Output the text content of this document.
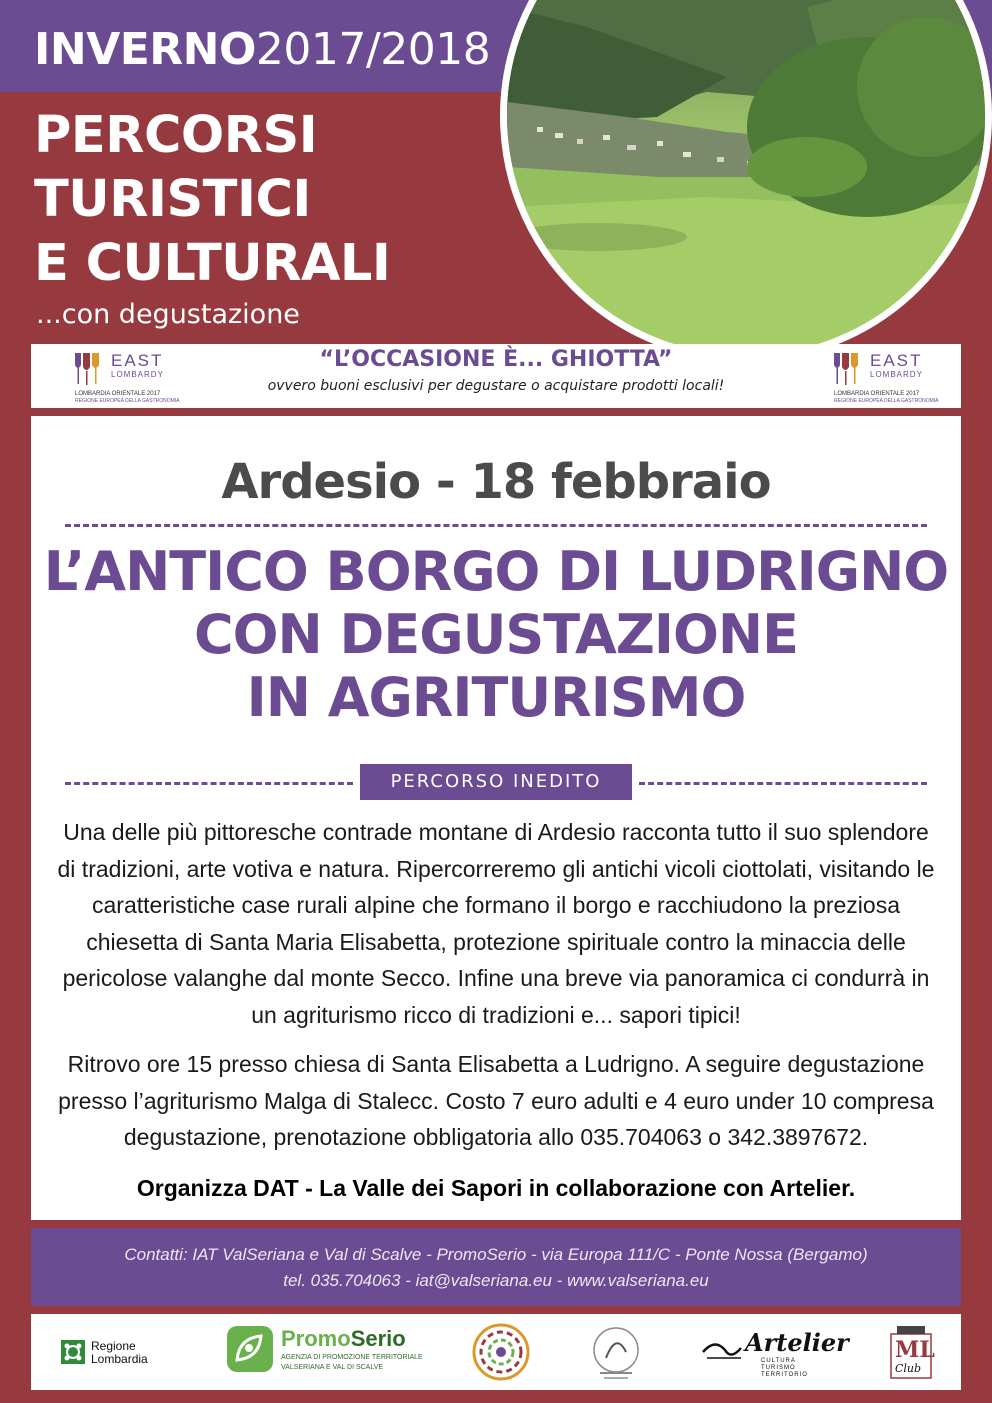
INVERNO2017/2018
PERCORSI
TURISTICI
E CULTURALI
...con degustazione
EAST
LOMBARDY
LOMBARDIA ORIENTALE 2017
REGIONE EUROPEA DELLA GASTRONOMIA
“L’OCCASIONE È... GHIOTTA”
ovvero buoni esclusivi per degustare o acquistare prodotti locali!
EAST
LOMBARDY
LOMBARDIA ORIENTALE 2017
REGIONE EUROPEA DELLA GASTRONOMIA
Ardesio - 18 febbraio
L’ANTICO BORGO DI LUDRIGNO
CON DEGUSTAZIONE
IN AGRITURISMO
PERCORSO INEDITO
Una delle più pittoresche contrade montane di Ardesio racconta tutto il suo splendore di tradizioni, arte votiva e natura. Ripercorreremo gli antichi vicoli ciottolati, visitando le caratteristiche case rurali alpine che formano il borgo e racchiudono la preziosa chiesetta di Santa Maria Elisabetta, protezione spirituale contro la minaccia delle pericolose valanghe dal monte Secco. Infine una breve via panoramica ci condurrà in un agriturismo ricco di tradizioni e... sapori tipici!
Ritrovo ore 15 presso chiesa di Santa Elisabetta a Ludrigno. A seguire degustazione presso l’agriturismo Malga di Stalecc. Costo 7 euro adulti e 4 euro under 10 compresa degustazione, prenotazione obbligatoria allo 035.704063 o 342.3897672.
Organizza DAT - La Valle dei Sapori in collaborazione con Artelier.
Contatti: IAT ValSeriana e Val di Scalve - PromoSerio - via Europa 111/C - Ponte Nossa (Bergamo)
tel. 035.704063 - iat@valseriana.eu - www.valseriana.eu
Regione
Lombardia
PromoSerio
AGENZIA DI PROMOZIONE TERRITORIALE
VALSERIANA E VAL DI SCALVE
Artelier
CULTURA TURISMO TERRITORIO
ML
Club
